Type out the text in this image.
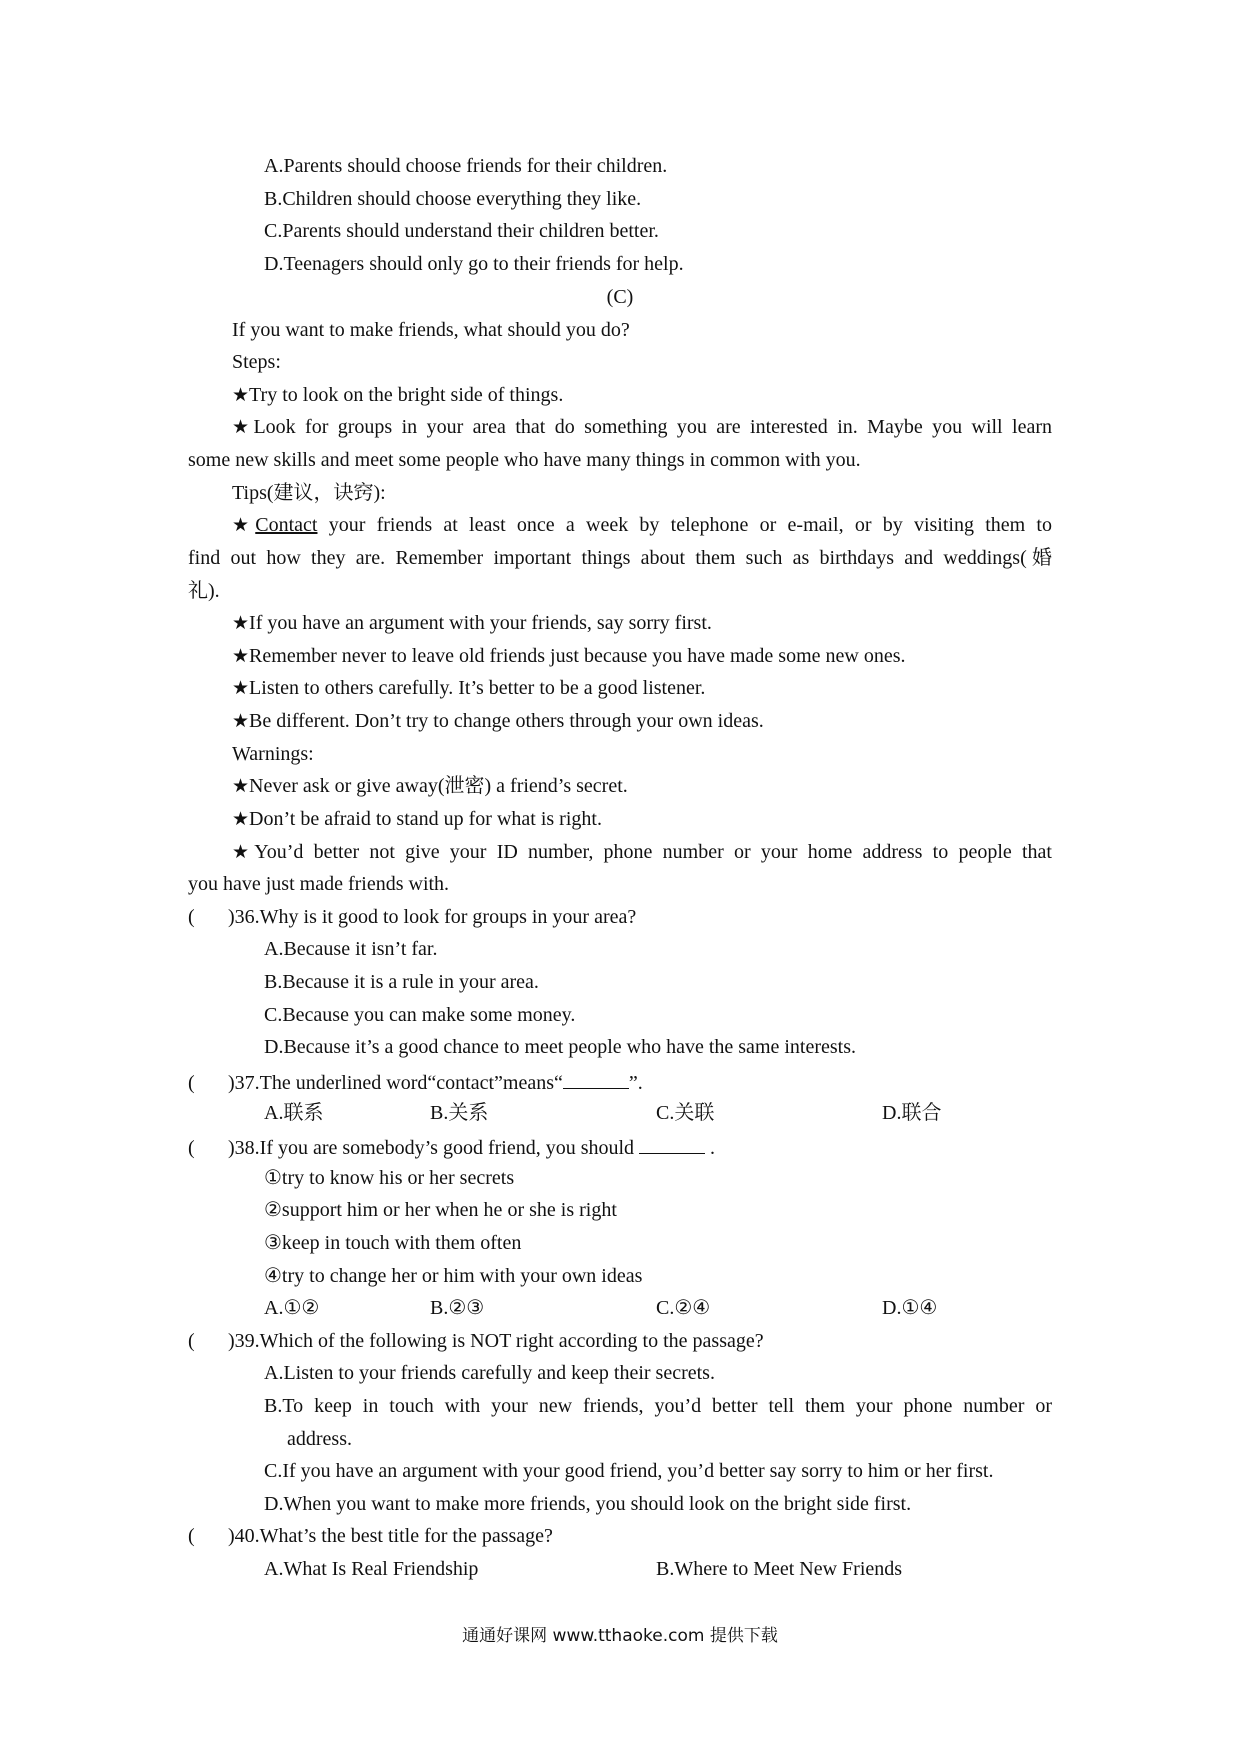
A.Parents should choose friends for their children.
B.Children should choose everything they like.
C.Parents should understand their children better.
D.Teenagers should only go to their friends for help.
(C)
If you want to make friends, what should you do?
Steps:
★Try to look on the bright side of things.
★Look for groups in your area that do something you are interested in. Maybe you will learn
some new skills and meet some people who have many things in common with you.
Tips(建议，诀窍):
★Contact your friends at least once a week by telephone or e-mail, or by visiting them to
find out how they are. Remember important things about them such as birthdays and weddings(婚
礼).
★If you have an argument with your friends, say sorry first.
★Remember never to leave old friends just because you have made some new ones.
★Listen to others carefully. It’s better to be a good listener.
★Be different. Don’t try to change others through your own ideas.
Warnings:
★Never ask or give away(泄密) a friend’s secret.
★Don’t be afraid to stand up for what is right.
★You’d better not give your ID number, phone number or your home address to people that
you have just made friends with.
( )36.Why is it good to look for groups in your area?
A.Because it isn’t far.
B.Because it is a rule in your area.
C.Because you can make some money.
D.Because it’s a good chance to meet people who have the same interests.
( )37.The underlined word“contact”means“	”.
A.联系	B.关系	C.关联	D.联合
( )38.If you are somebody’s good friend, you should	.
①try to know his or her secrets
②support him or her when he or she is right
③keep in touch with them often
④try to change her or him with your own ideas
A.①②	B.②③	C.②④	D.①④
( )39.Which of the following is NOT right according to the passage?
A.Listen to your friends carefully and keep their secrets.
B.To keep in touch with your new friends, you’d better tell them your phone number or
address.
C.If you have an argument with your good friend, you’d better say sorry to him or her first.
D.When you want to make more friends, you should look on the bright side first.
( )40.What’s the best title for the passage?
A.What Is Real Friendship	B.Where to Meet New Friends
通通好课网 www.tthaoke.com 提供下载
